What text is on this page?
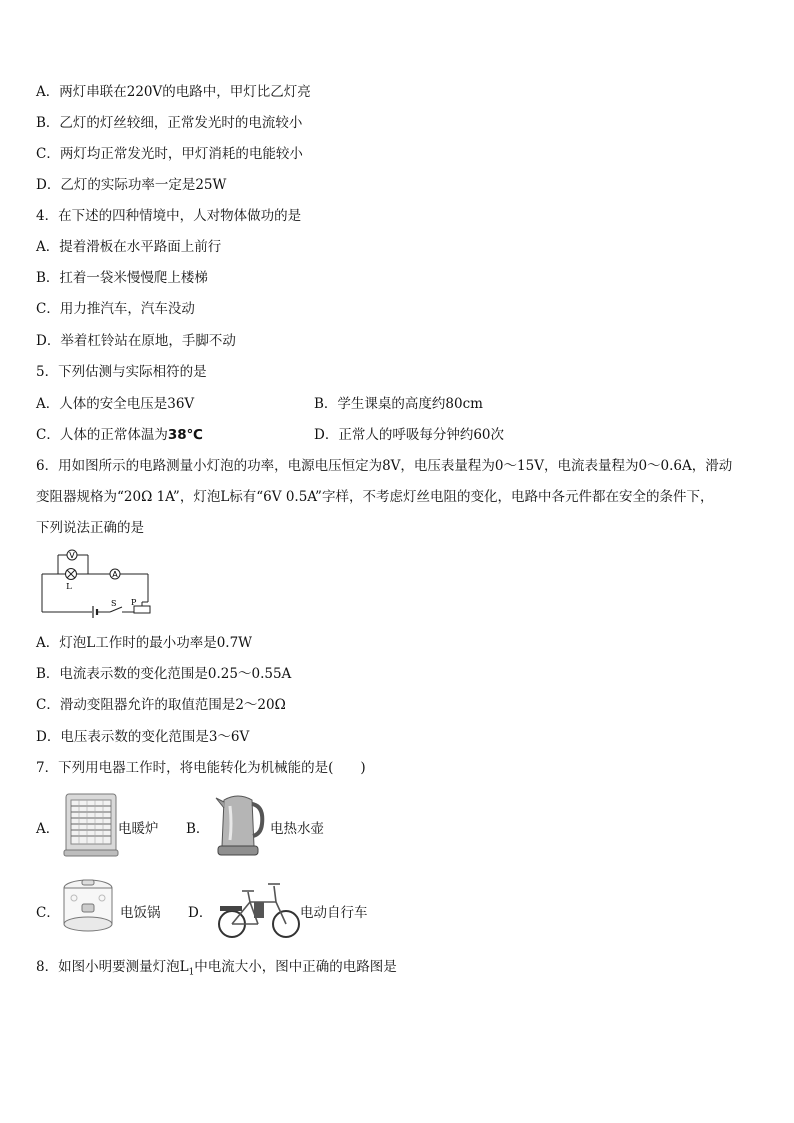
A．两灯串联在220V的电路中，甲灯比乙灯亮
B．乙灯的灯丝较细，正常发光时的电流较小
C．两灯均正常发光时，甲灯消耗的电能较小
D．乙灯的实际功率一定是25W
4．在下述的四种情境中，人对物体做功的是
A．提着滑板在水平路面上前行
B．扛着一袋米慢慢爬上楼梯
C．用力推汽车，汽车没动
D．举着杠铃站在原地，手脚不动
5．下列估测与实际相符的是
A．人体的安全电压是36V	B．学生课桌的高度约80cm
C．人体的正常体温为38℃	D．正常人的呼吸每分钟约60次
6．用如图所示的电路测量小灯泡的功率，电源电压恒定为8V，电压表量程为0～15V，电流表量程为0～0.6A，滑动
变阻器规格为“20Ω 1A”，灯泡L标有“6V 0.5A”字样，不考虑灯丝电阻的变化，电路中各元件都在安全的条件下，
下列说法正确的是
V
L
A
S P
A．灯泡L工作时的最小功率是0.7W
B．电流表示数的变化范围是0.25～0.55A
C．滑动变阻器允许的取值范围是2～20Ω
D．电压表示数的变化范围是3～6V
7．下列用电器工作时，将电能转化为机械能的是(　　)
A．	电暖炉 B．	电热水壶
C．	电饭锅 D．	电动自行车
8．如图小明要测量灯泡$L_1$中电流大小，图中正确的电路图是
